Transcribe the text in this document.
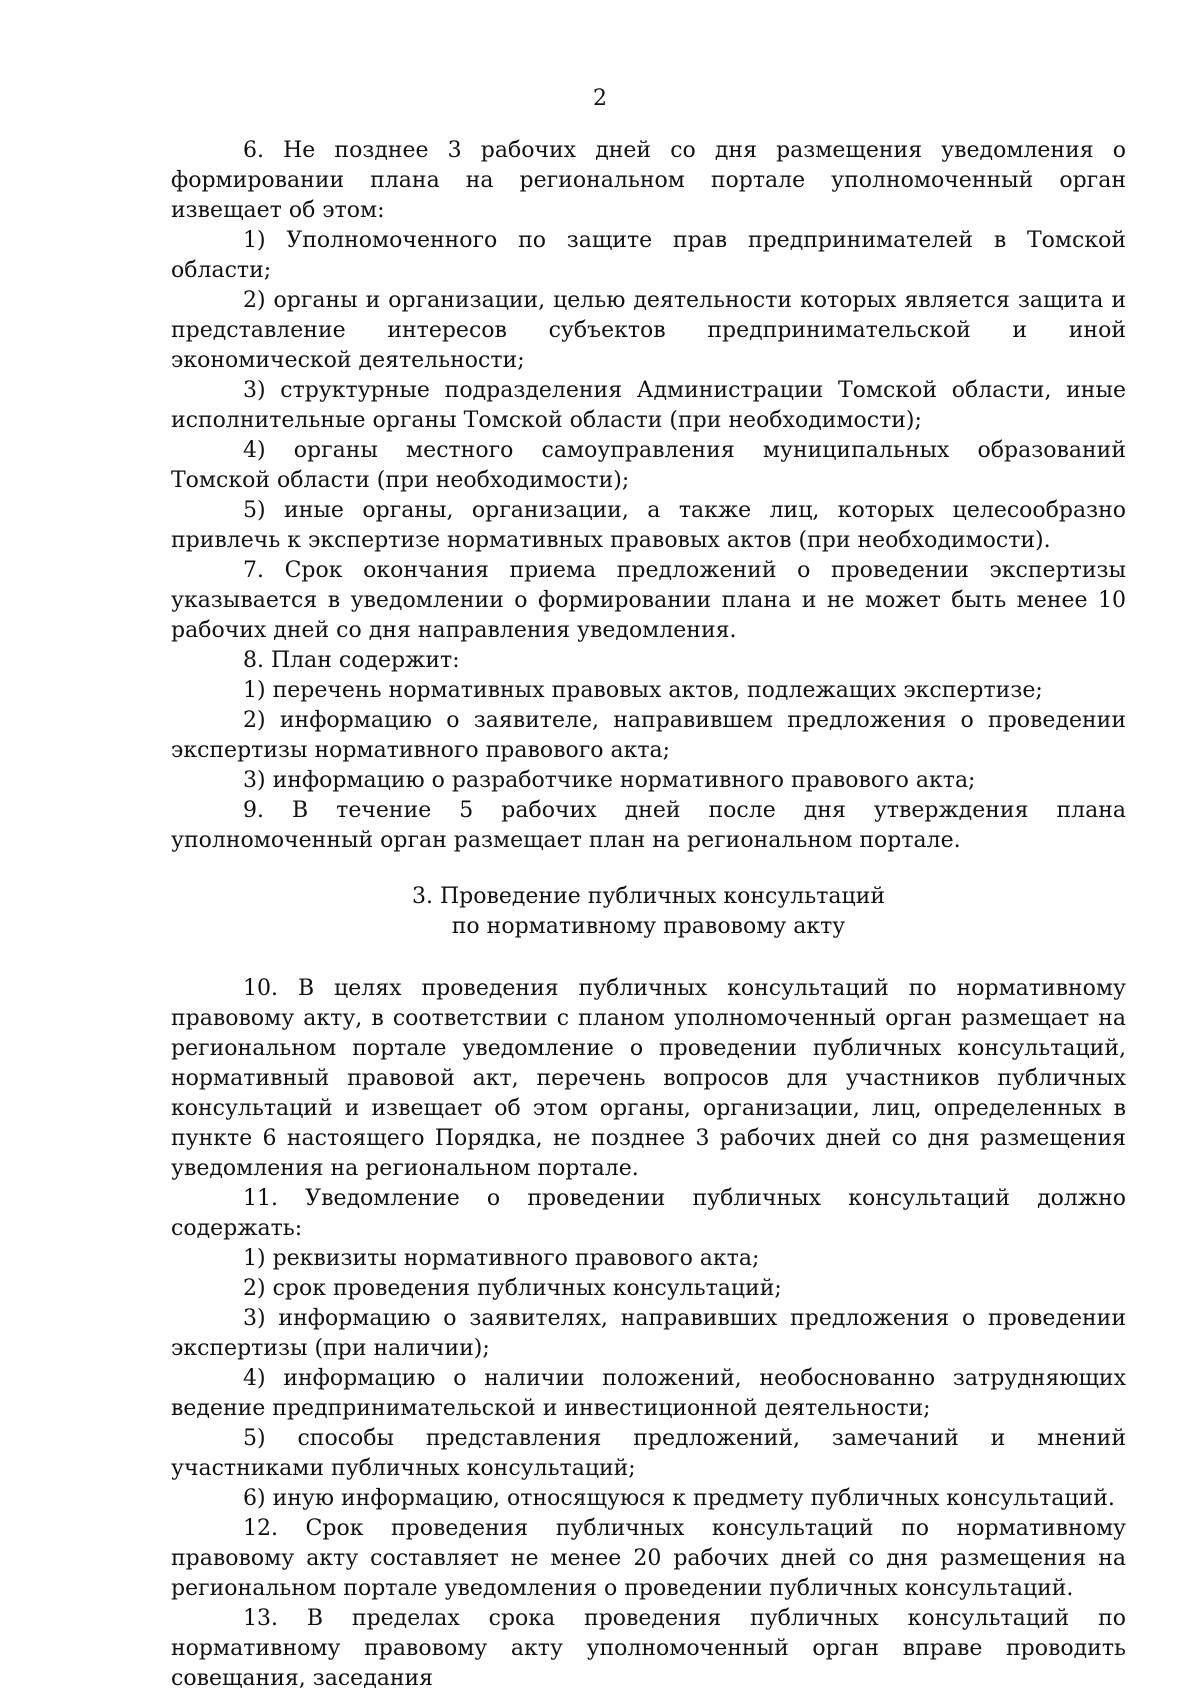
2

6. Не позднее 3 рабочих дней со дня размещения уведомления о формировании плана на региональном портале уполномоченный орган извещает об этом:

1) Уполномоченного по защите прав предпринимателей в Томской области;

2) органы и организации, целью деятельности которых является защита и представление интересов субъектов предпринимательской и иной экономической деятельности;

3) структурные подразделения Администрации Томской области, иные исполнительные органы Томской области (при необходимости);

4) органы местного самоуправления муниципальных образований Томской области (при необходимости);

5) иные органы, организации, а также лиц, которых целесообразно привлечь к экспертизе нормативных правовых актов (при необходимости).

7. Срок окончания приема предложений о проведении экспертизы указывается в уведомлении о формировании плана и не может быть менее 10 рабочих дней со дня направления уведомления.

8. План содержит:

1) перечень нормативных правовых актов, подлежащих экспертизе;

2) информацию о заявителе, направившем предложения о проведении экспертизы нормативного правового акта;

3) информацию о разработчике нормативного правового акта;

9. В течение 5 рабочих дней после дня утверждения плана уполномоченный орган размещает план на региональном портале.

3. Проведение публичных консультаций
по нормативному правовому акту

10. В целях проведения публичных консультаций по нормативному правовому акту, в соответствии с планом уполномоченный орган размещает на региональном портале уведомление о проведении публичных консультаций, нормативный правовой акт, перечень вопросов для участников публичных консультаций и извещает об этом органы, организации, лиц, определенных в пункте 6 настоящего Порядка, не позднее 3 рабочих дней со дня размещения уведомления на региональном портале.

11. Уведомление о проведении публичных консультаций должно содержать:

1) реквизиты нормативного правового акта;

2) срок проведения публичных консультаций;

3) информацию о заявителях, направивших предложения о проведении экспертизы (при наличии);

4) информацию о наличии положений, необоснованно затрудняющих ведение предпринимательской и инвестиционной деятельности;

5) способы представления предложений, замечаний и мнений участниками публичных консультаций;

6) иную информацию, относящуюся к предмету публичных консультаций.

12. Срок проведения публичных консультаций по нормативному правовому акту составляет не менее 20 рабочих дней со дня размещения на региональном портале уведомления о проведении публичных консультаций.

13. В пределах срока проведения публичных консультаций по нормативному правовому акту уполномоченный орган вправе проводить совещания, заседания
